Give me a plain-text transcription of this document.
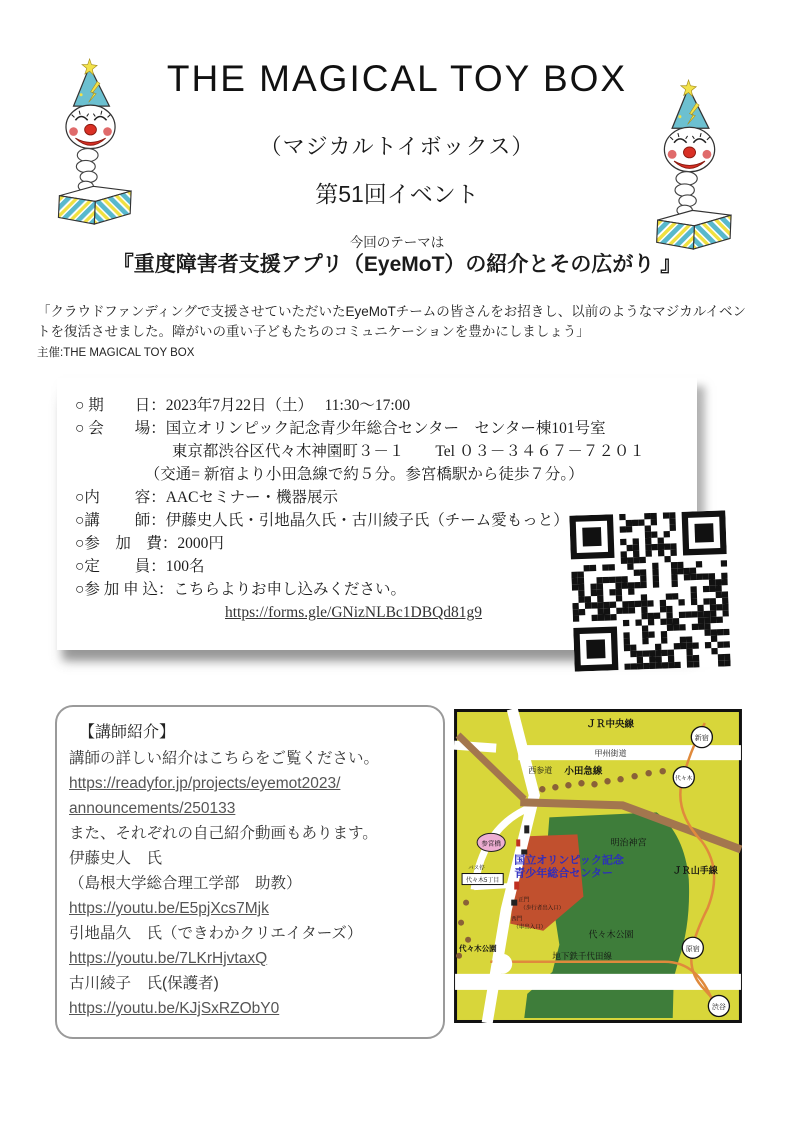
THE MAGICAL TOY BOX
（マジカルトイボックス）
第51回イベント
今回のテーマは
『重度障害者支援アプリ（EyeMoT）の紹介とその広がり 』
「クラウドファンディングで支援させていただいたEyeMoTチームの皆さんをお招きし、以前のようなマジカルイベントを復活させました。障がいの重い子どもたちのコミュニケーションを豊かにしましょう」
主催:THE MAGICAL TOY BOX
○ 期　　日：2023年7月22日（土）　 11:30～17:00
○ 会　　場：国立オリンピック記念青少年総合センター　センター棟101号室
　　　　　　 東京都渋谷区代々木神園町３－１　　Tel ０３－３４６７－７２０１
　　　　　（交通= 新宿より小田急線で約５分。参宮橋駅から徒歩７分。）
○内　　 容：AACセミナー・機器展示
○講　　 師：伊藤史人氏・引地晶久氏・古川綾子氏（チーム愛もっと）
○参　加　費：2000円
○定　　 員：100名
○参 加 申 込：こちらよりお申し込みください。
https://forms.gle/GNizNLBc1DBQd81g9
【講師紹介】
講師の詳しい紹介はこちらをご覧ください。
https://readyfor.jp/projects/eyemot2023/
announcements/250133
また、それぞれの自己紹介動画もあります。
伊藤史人　氏
（島根大学総合理工学部　助教）
https://youtu.be/E5pjXcs7Mjk
引地晶久　氏（できわかクリエイターズ）
https://youtu.be/7LKrHjvtaxQ
古川綾子　氏(保護者)
https://youtu.be/KJjSxRZObY0
参宮橋
バス停
代々木5丁目
代々木公園
新宿
代々木
原宿
渋谷
ＪＲ中央線
甲州街道
西参道 小田急線
明治神宮
ＪＲ山手線
代々木公園
地下鉄千代田線
国立オリンピック記念
青少年総合センター
正門
（歩行者出入口）
西門
（車出入口）
